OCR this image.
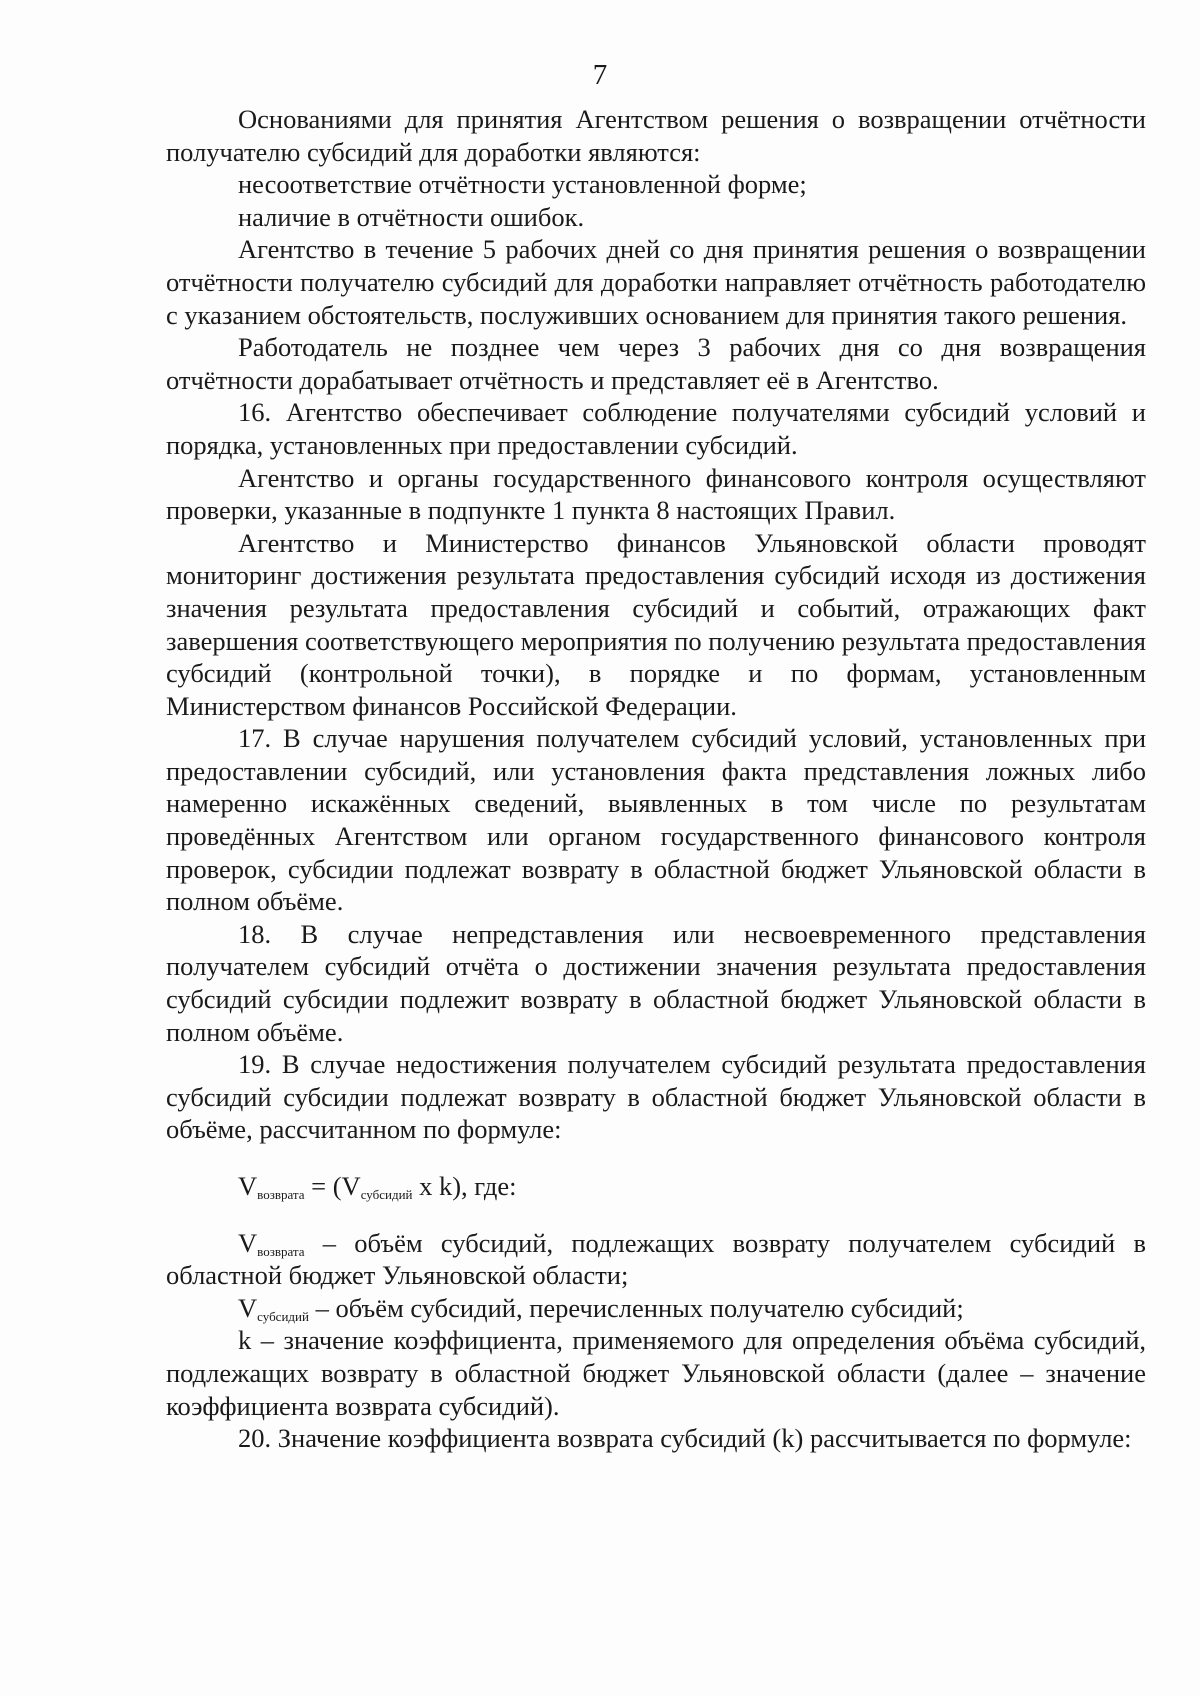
7

Основаниями для принятия Агентством решения о возвращении отчётности получателю субсидий для доработки являются:

несоответствие отчётности установленной форме;

наличие в отчётности ошибок.

Агентство в течение 5 рабочих дней со дня принятия решения о возвращении отчётности получателю субсидий для доработки направляет отчётность работодателю с указанием обстоятельств, послуживших основанием для принятия такого решения.

Работодатель не позднее чем через 3 рабочих дня со дня возвращения отчётности дорабатывает отчётность и представляет её в Агентство.

16. Агентство обеспечивает соблюдение получателями субсидий условий и порядка, установленных при предоставлении субсидий.

Агентство и органы государственного финансового контроля осуществляют проверки, указанные в подпункте 1 пункта 8 настоящих Правил.

Агентство и Министерство финансов Ульяновской области проводят мониторинг достижения результата предоставления субсидий исходя из достижения значения результата предоставления субсидий и событий, отражающих факт завершения соответствующего мероприятия по получению результата предоставления субсидий (контрольной точки), в порядке и по формам, установленным Министерством финансов Российской Федерации.

17. В случае нарушения получателем субсидий условий, установленных при предоставлении субсидий, или установления факта представления ложных либо намеренно искажённых сведений, выявленных в том числе по результатам проведённых Агентством или органом государственного финансового контроля проверок, субсидии подлежат возврату в областной бюджет Ульяновской области в полном объёме.

18. В случае непредставления или несвоевременного представления получателем субсидий отчёта о достижении значения результата предоставления субсидий субсидии подлежит возврату в областной бюджет Ульяновской области в полном объёме.

19. В случае недостижения получателем субсидий результата предоставления субсидий субсидии подлежат возврату в областной бюджет Ульяновской области в объёме, рассчитанном по формуле:

$V_{возврата} = (V_{субсидий}$ x k), где:

$V_{возврата}$ – объём субсидий, подлежащих возврату получателем субсидий в областной бюджет Ульяновской области;

$V_{субсидий}$ – объём субсидий, перечисленных получателю субсидий;

k – значение коэффициента, применяемого для определения объёма субсидий, подлежащих возврату в областной бюджет Ульяновской области (далее – значение коэффициента возврата субсидий).

20. Значение коэффициента возврата субсидий (k) рассчитывается по формуле:
